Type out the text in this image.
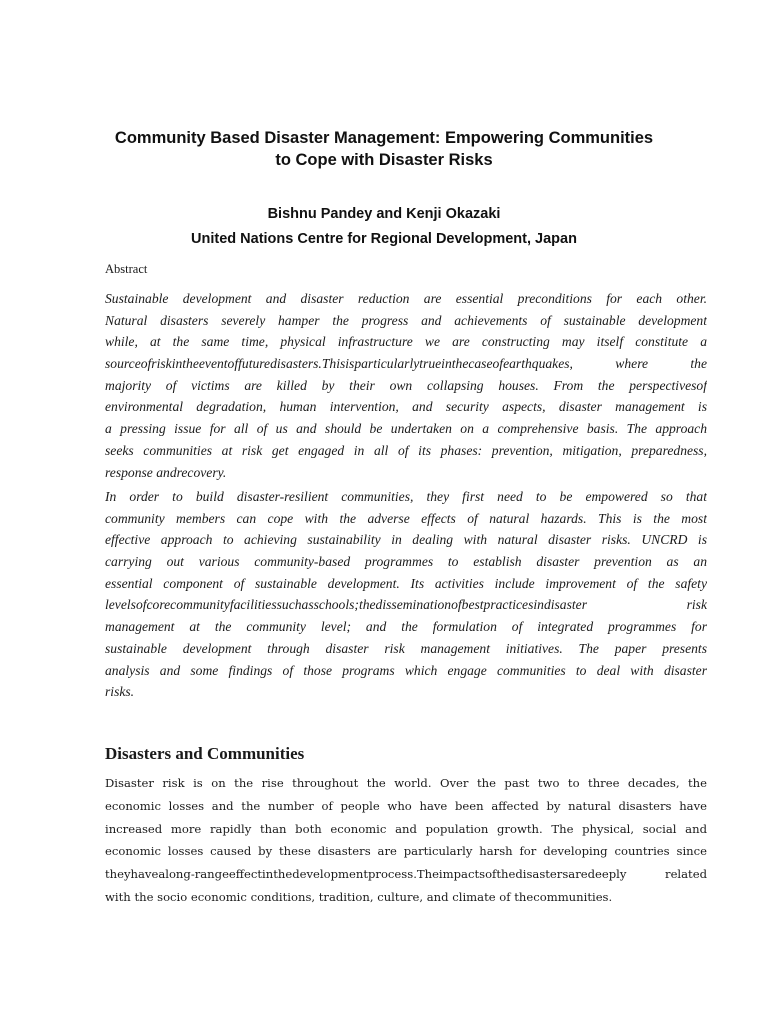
Community Based Disaster Management: Empowering Communities
to Cope with Disaster Risks
Bishnu Pandey and Kenji Okazaki
United Nations Centre for Regional Development, Japan
Abstract
Sustainable development and disaster reduction are essential preconditions for each other.
Natural disasters severely hamper the progress and achievements of sustainable development
while, at the same time, physical infrastructure we are constructing may itself constitute a
sourceofriskintheeventoffuturedisasters.Thisisparticularlytrueinthecaseofearthquakes, where the
majority of victims are killed by their own collapsing houses. From the perspectivesof
environmental degradation, human intervention, and security aspects, disaster management is
a pressing issue for all of us and should be undertaken on a comprehensive basis. The approach
seeks communities at risk get engaged in all of its phases: prevention, mitigation, preparedness,
response andrecovery.
In order to build disaster-resilient communities, they first need to be empowered so that
community members can cope with the adverse effects of natural hazards. This is the most
effective approach to achieving sustainability in dealing with natural disaster risks. UNCRD is
carrying out various community-based programmes to establish disaster prevention as an
essential component of sustainable development. Its activities include improvement of the safety
levelsofcorecommunityfacilitiessuchasschools;thedisseminationofbestpracticesindisaster risk
management at the community level; and the formulation of integrated programmes for
sustainable development through disaster risk management initiatives. The paper presents
analysis and some findings of those programs which engage communities to deal with disaster
risks.
Disasters and Communities
Disaster risk is on the rise throughout the world. Over the past two to three decades, the
economic losses and the number of people who have been affected by natural disasters have
increased more rapidly than both economic and population growth. The physical, social and
economic losses caused by these disasters are particularly harsh for developing countries since
theyhavealong-rangeeffectinthedevelopmentprocess.Theimpactsofthedisastersaredeeply related
with the socio economic conditions, tradition, culture, and climate of thecommunities.
